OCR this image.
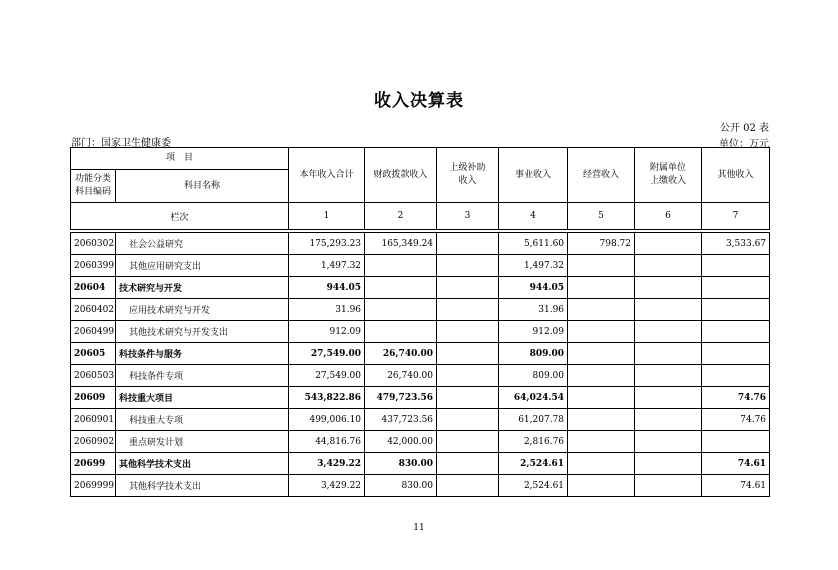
收入决算表
公开 02 表
部门：国家卫生健康委	单位：万元
项　目		本年收入合计	财政拨款收入	上级补助
收入	事业收入	经营收入	附属单位
上缴收入	其他收入
功能分类
科目编码	科目名称							
栏次		1	2	3	4	5	6	7

2060302	社会公益研究	175,293.23	165,349.24		5,611.60	798.72		3,533.67
2060399	其他应用研究支出	1,497.32			1,497.32			
20604	技术研究与开发	944.05			944.05			
2060402	应用技术研究与开发	31.96			31.96			
2060499	其他技术研究与开发支出	912.09			912.09			
20605	科技条件与服务	27,549.00	26,740.00		809.00			
2060503	科技条件专项	27,549.00	26,740.00		809.00			
20609	科技重大项目	543,822.86	479,723.56		64,024.54			74.76
2060901	科技重大专项	499,006.10	437,723.56		61,207.78			74.76
2060902	重点研发计划	44,816.76	42,000.00		2,816.76			
20699	其他科学技术支出	3,429.22	830.00		2,524.61			74.61
2069999	其他科学技术支出	3,429.22	830.00		2,524.61			74.61
11
